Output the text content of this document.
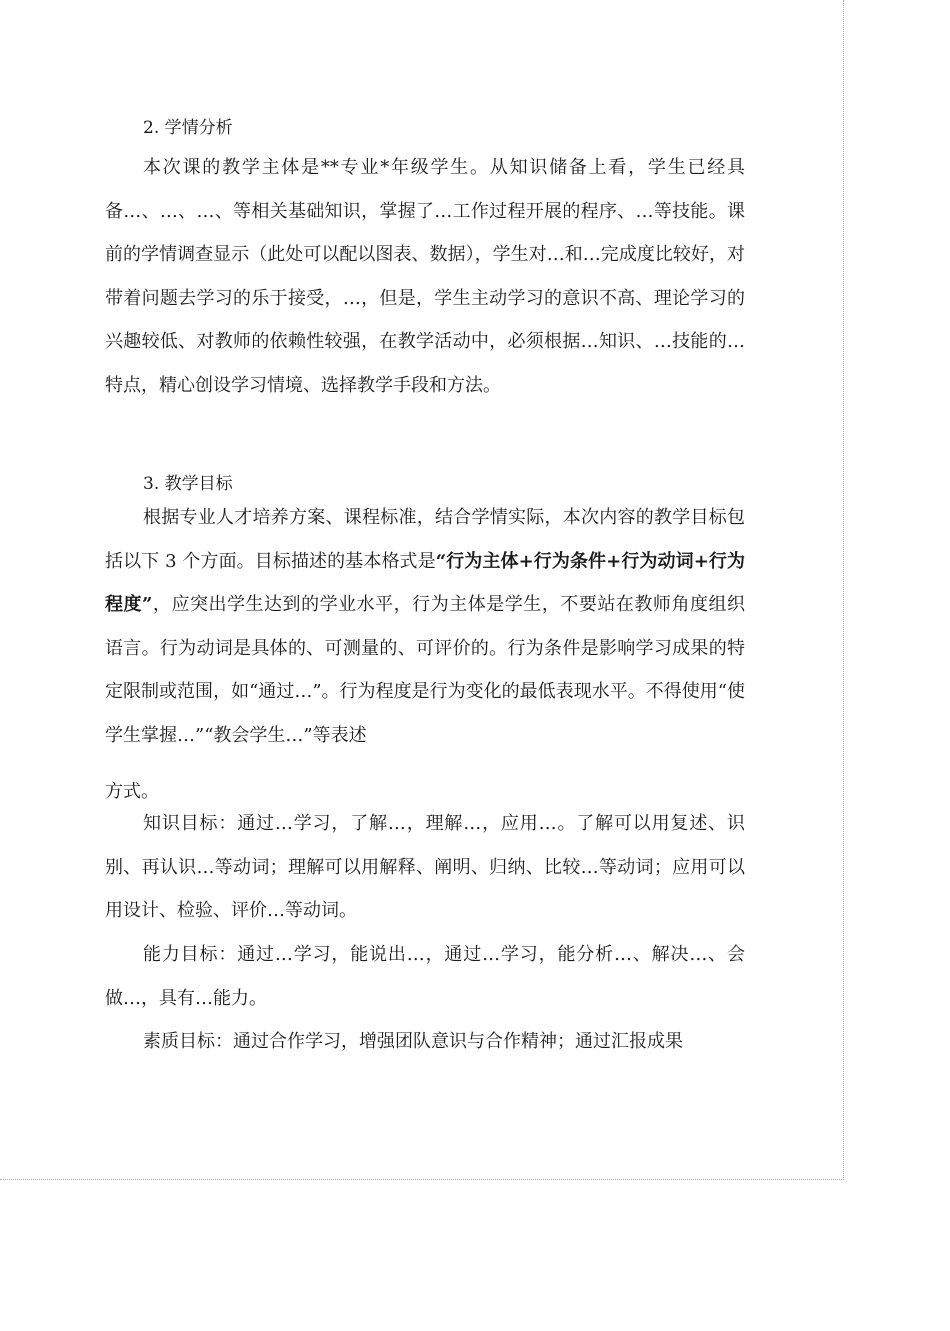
2. 学情分析

本次课的教学主体是**专业*年级学生。从知识储备上看，学生已经具备…、…、…、等相关基础知识，掌握了…工作过程开展的程序、…等技能。课前的学情调查显示（此处可以配以图表、数据），学生对…和…完成度比较好，对带着问题去学习的乐于接受，…，但是，学生主动学习的意识不高、理论学习的兴趣较低、对教师的依赖性较强，在教学活动中，必须根据…知识、…技能的…特点，精心创设学习情境、选择教学手段和方法。

3. 教学目标

根据专业人才培养方案、课程标准，结合学情实际，本次内容的教学目标包括以下 3 个方面。目标描述的基本格式是“行为主体+行为条件+行为动词+行为程度”，应突出学生达到的学业水平，行为主体是学生，不要站在教师角度组织语言。行为动词是具体的、可测量的、可评价的。行为条件是影响学习成果的特定限制或范围，如“通过…”。行为程度是行为变化的最低表现水平。不得使用“使学生掌握…”“教会学生…”等表述

方式。

知识目标：通过…学习，了解…，理解…，应用…。了解可以用复述、识别、再认识…等动词；理解可以用解释、阐明、归纳、比较…等动词；应用可以用设计、检验、评价…等动词。

能力目标：通过…学习，能说出…，通过…学习，能分析…、解决…、会做…，具有…能力。

素质目标：通过合作学习，增强团队意识与合作精神；通过汇报成果
